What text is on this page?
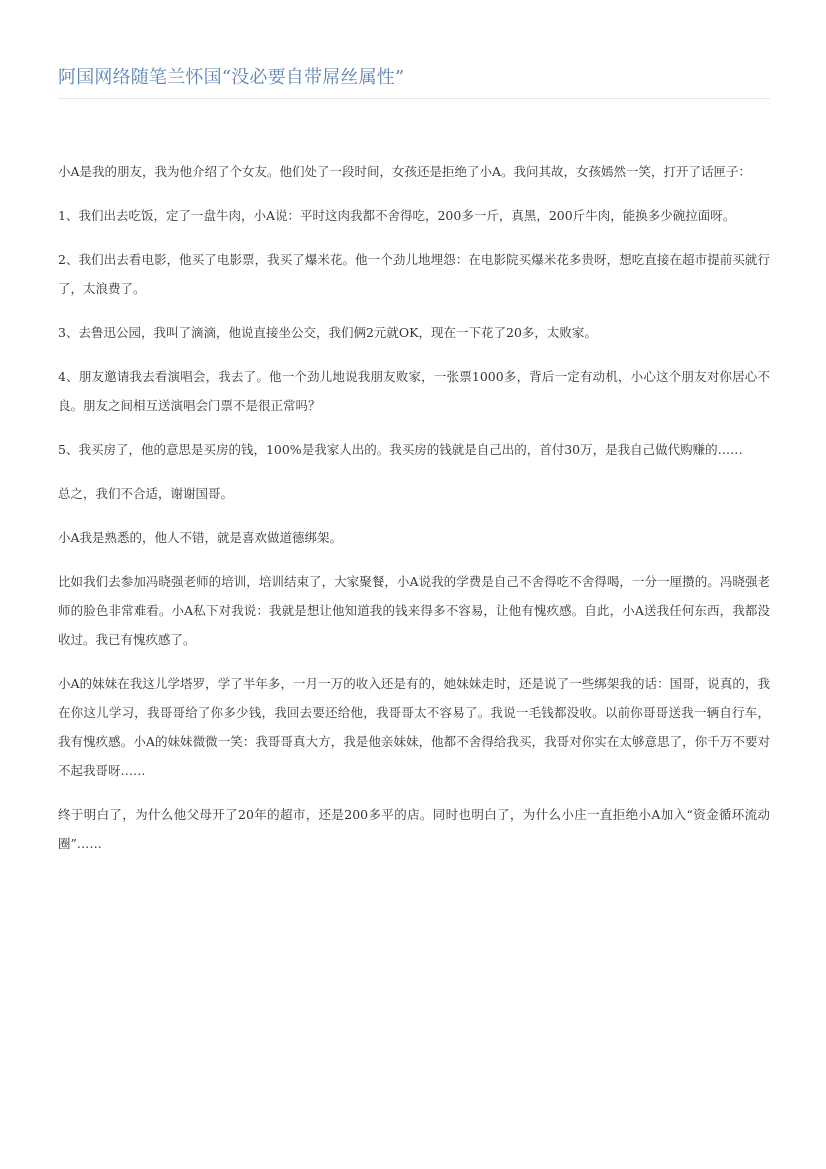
阿国网络随笔兰怀国“没必要自带屌丝属性”

小A是我的朋友，我为他介绍了个女友。他们处了一段时间，女孩还是拒绝了小A。我问其故，女孩嫣然一笑，打开了话匣子：

1、我们出去吃饭，定了一盘牛肉，小A说：平时这肉我都不舍得吃，200多一斤，真黑，200斤牛肉，能换多少碗拉面呀。

2、我们出去看电影，他买了电影票，我买了爆米花。他一个劲儿地埋怨：在电影院买爆米花多贵呀，想吃直接在超市提前买就行了，太浪费了。

3、去鲁迅公园，我叫了滴滴，他说直接坐公交，我们俩2元就OK，现在一下花了20多，太败家。

4、朋友邀请我去看演唱会，我去了。他一个劲儿地说我朋友败家，一张票1000多，背后一定有动机，小心这个朋友对你居心不良。朋友之间相互送演唱会门票不是很正常吗？

5、我买房了，他的意思是买房的钱，100%是我家人出的。我买房的钱就是自己出的，首付30万，是我自己做代购赚的……

总之，我们不合适，谢谢国哥。

小A我是熟悉的，他人不错，就是喜欢做道德绑架。

比如我们去参加冯晓强老师的培训，培训结束了，大家聚餐，小A说我的学费是自己不舍得吃不舍得喝，一分一厘攒的。冯晓强老师的脸色非常难看。小A私下对我说：我就是想让他知道我的钱来得多不容易，让他有愧疚感。自此，小A送我任何东西，我都没收过。我已有愧疚感了。

小A的妹妹在我这儿学塔罗，学了半年多，一月一万的收入还是有的，她妹妹走时，还是说了一些绑架我的话：国哥，说真的，我在你这儿学习，我哥哥给了你多少钱，我回去要还给他，我哥哥太不容易了。我说一毛钱都没收。以前你哥哥送我一辆自行车，我有愧疚感。小A的妹妹微微一笑：我哥哥真大方，我是他亲妹妹，他都不舍得给我买，我哥对你实在太够意思了，你千万不要对不起我哥呀……

终于明白了，为什么他父母开了20年的超市，还是200多平的店。同时也明白了，为什么小庄一直拒绝小A加入“资金循环流动圈”……
